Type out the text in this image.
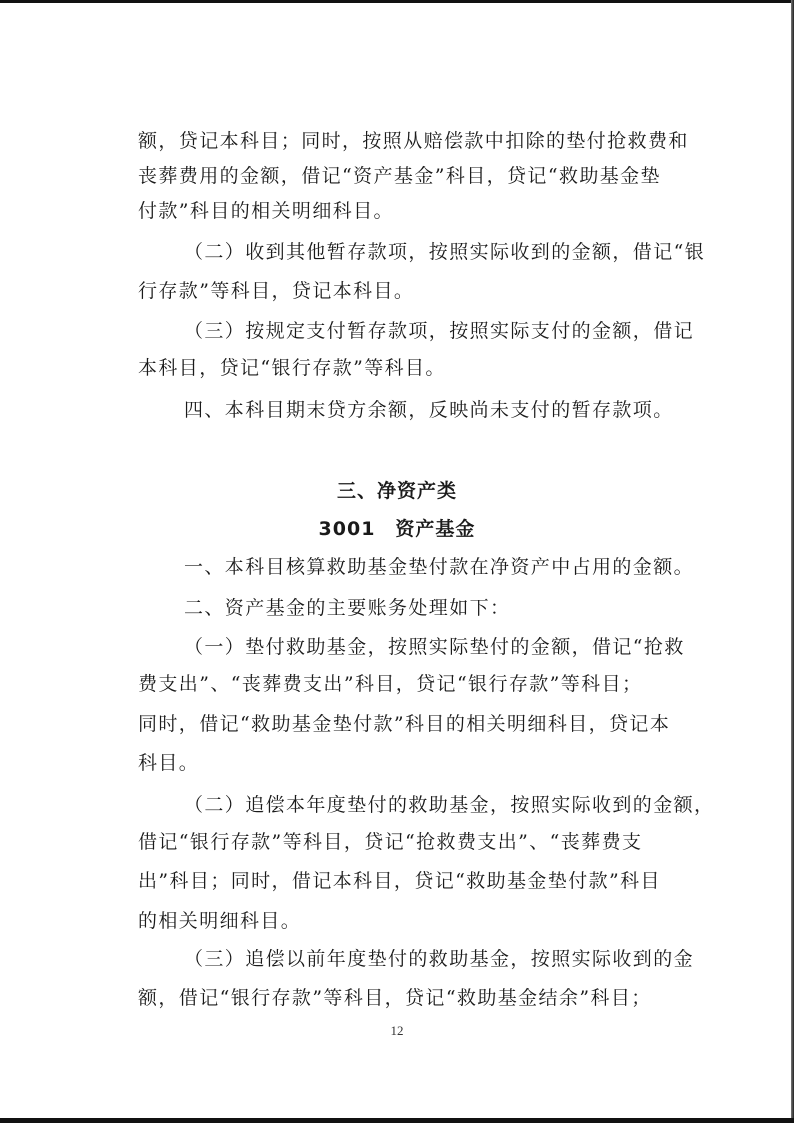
额，贷记本科目；同时，按照从赔偿款中扣除的垫付抢救费和
丧葬费用的金额，借记“资产基金”科目，贷记“救助基金垫
付款”科目的相关明细科目。
（二）收到其他暂存款项，按照实际收到的金额，借记“银
行存款”等科目，贷记本科目。
（三）按规定支付暂存款项，按照实际支付的金额，借记
本科目，贷记“银行存款”等科目。
四、本科目期末贷方余额，反映尚未支付的暂存款项。
三、净资产类
3001　资产基金
一、本科目核算救助基金垫付款在净资产中占用的金额。
二、资产基金的主要账务处理如下：
（一）垫付救助基金，按照实际垫付的金额，借记“抢救
费支出”、“丧葬费支出”科目，贷记“银行存款”等科目；
同时，借记“救助基金垫付款”科目的相关明细科目，贷记本
科目。
（二）追偿本年度垫付的救助基金，按照实际收到的金额，
借记“银行存款”等科目，贷记“抢救费支出”、“丧葬费支
出”科目；同时，借记本科目，贷记“救助基金垫付款”科目
的相关明细科目。
（三）追偿以前年度垫付的救助基金，按照实际收到的金
额，借记“银行存款”等科目，贷记“救助基金结余”科目；
12
